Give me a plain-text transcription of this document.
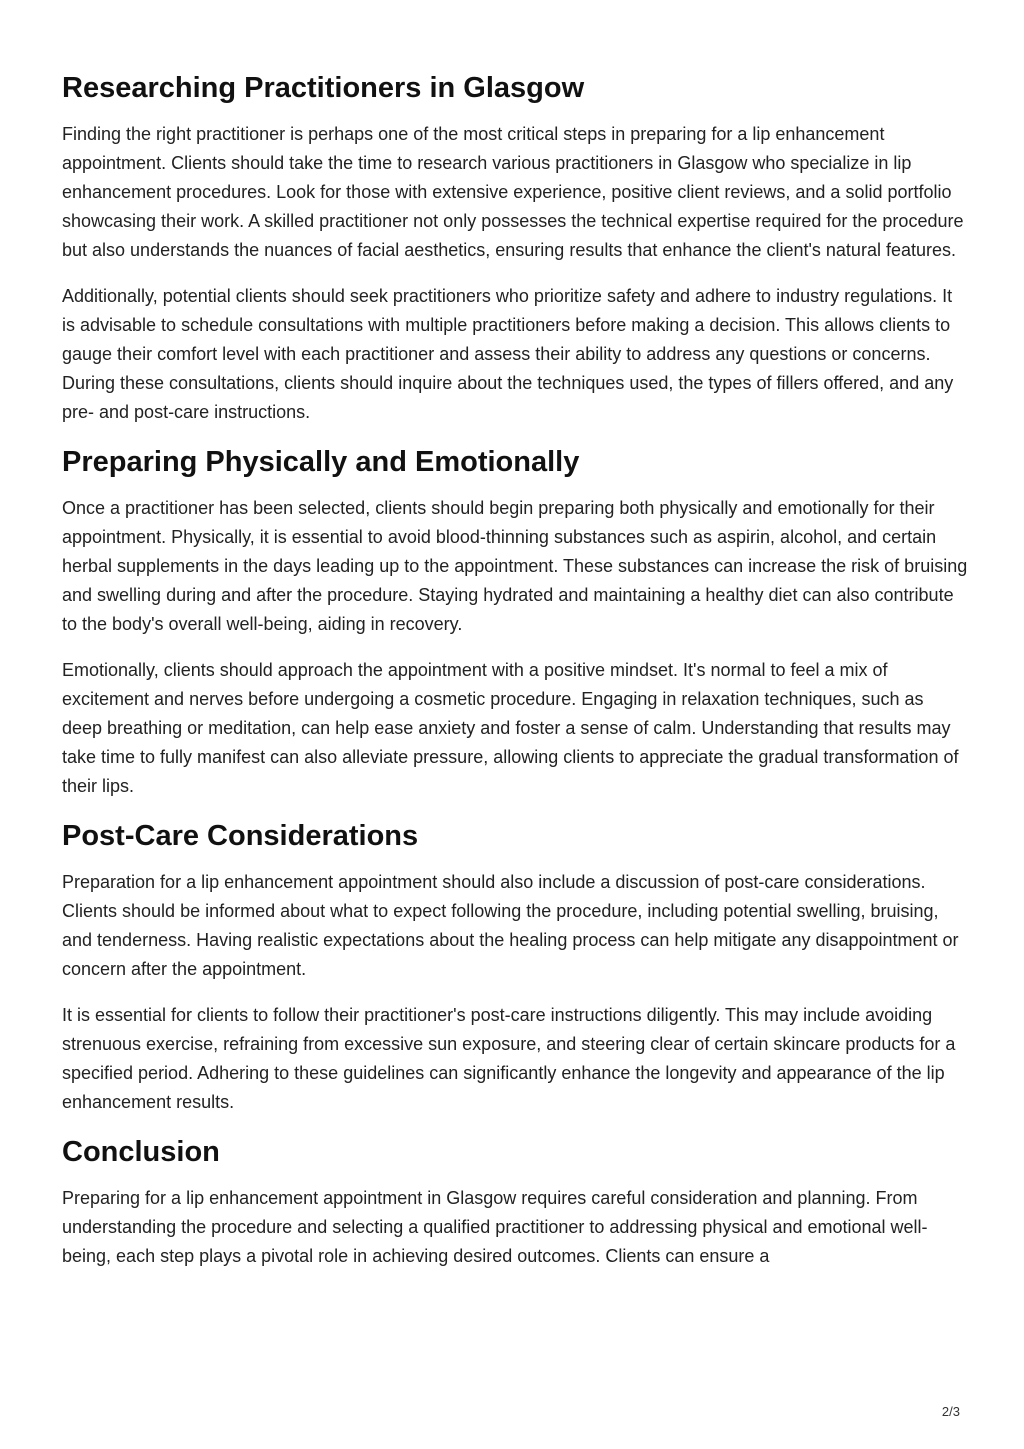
Researching Practitioners in Glasgow

Finding the right practitioner is perhaps one of the most critical steps in preparing for a lip enhancement appointment. Clients should take the time to research various practitioners in Glasgow who specialize in lip enhancement procedures. Look for those with extensive experience, positive client reviews, and a solid portfolio showcasing their work. A skilled practitioner not only possesses the technical expertise required for the procedure but also understands the nuances of facial aesthetics, ensuring results that enhance the client's natural features.

Additionally, potential clients should seek practitioners who prioritize safety and adhere to industry regulations. It is advisable to schedule consultations with multiple practitioners before making a decision. This allows clients to gauge their comfort level with each practitioner and assess their ability to address any questions or concerns. During these consultations, clients should inquire about the techniques used, the types of fillers offered, and any pre- and post-care instructions.

Preparing Physically and Emotionally

Once a practitioner has been selected, clients should begin preparing both physically and emotionally for their appointment. Physically, it is essential to avoid blood-thinning substances such as aspirin, alcohol, and certain herbal supplements in the days leading up to the appointment. These substances can increase the risk of bruising and swelling during and after the procedure. Staying hydrated and maintaining a healthy diet can also contribute to the body's overall well-being, aiding in recovery.

Emotionally, clients should approach the appointment with a positive mindset. It's normal to feel a mix of excitement and nerves before undergoing a cosmetic procedure. Engaging in relaxation techniques, such as deep breathing or meditation, can help ease anxiety and foster a sense of calm. Understanding that results may take time to fully manifest can also alleviate pressure, allowing clients to appreciate the gradual transformation of their lips.

Post-Care Considerations

Preparation for a lip enhancement appointment should also include a discussion of post-care considerations. Clients should be informed about what to expect following the procedure, including potential swelling, bruising, and tenderness. Having realistic expectations about the healing process can help mitigate any disappointment or concern after the appointment.

It is essential for clients to follow their practitioner's post-care instructions diligently. This may include avoiding strenuous exercise, refraining from excessive sun exposure, and steering clear of certain skincare products for a specified period. Adhering to these guidelines can significantly enhance the longevity and appearance of the lip enhancement results.

Conclusion

Preparing for a lip enhancement appointment in Glasgow requires careful consideration and planning. From understanding the procedure and selecting a qualified practitioner to addressing physical and emotional well-being, each step plays a pivotal role in achieving desired outcomes. Clients can ensure a

2/3
